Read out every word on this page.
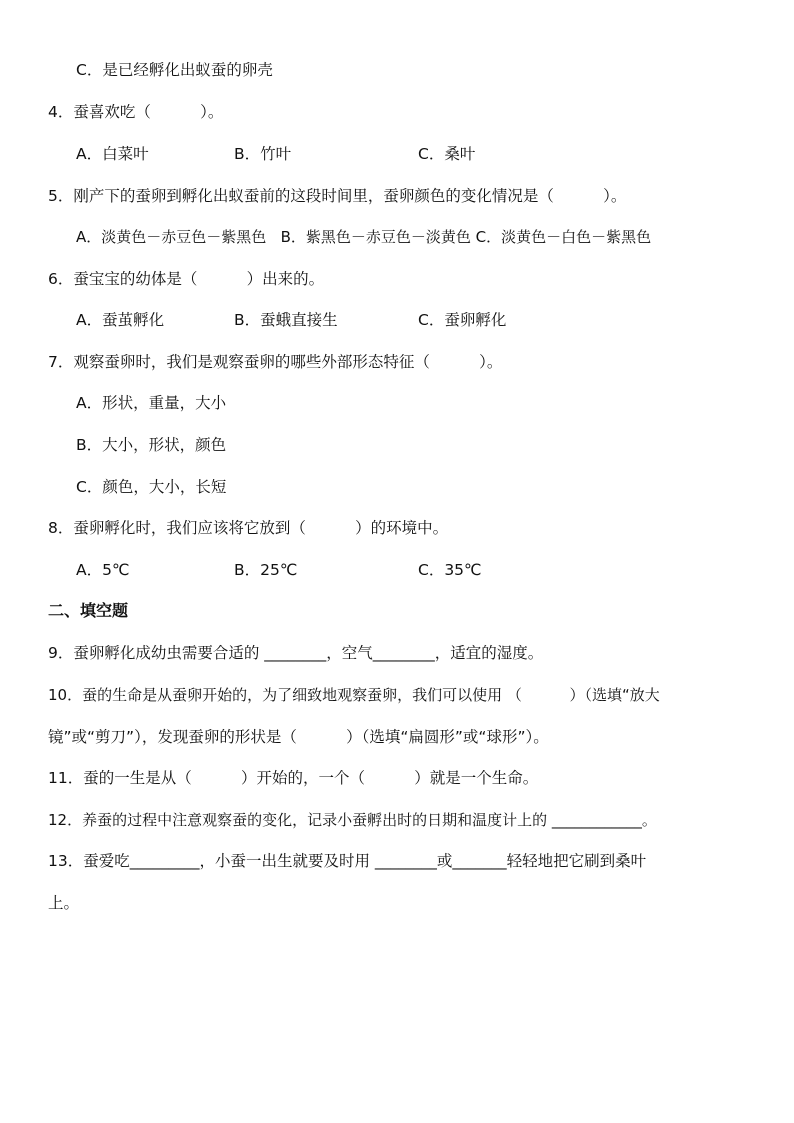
C．是已经孵化出蚁蚕的卵壳
4．蚕喜欢吃（          ）。
A．白菜叶	B．竹叶	C．桑叶
5．刚产下的蚕卵到孵化出蚁蚕前的这段时间里，蚕卵颜色的变化情况是（          ）。
A．淡黄色－赤豆色－紫黑色   B．紫黑色－赤豆色－淡黄色 C．淡黄色－白色－紫黑色
6．蚕宝宝的幼体是（          ）出来的。
A．蚕茧孵化	B．蚕蛾直接生	C．蚕卵孵化
7．观察蚕卵时，我们是观察蚕卵的哪些外部形态特征（          ）。
A．形状，重量，大小
B．大小，形状，颜色
C．颜色，大小，长短
8．蚕卵孵化时，我们应该将它放到（          ）的环境中。
A．5℃	B．25℃	C．35℃
二、填空题
9．蚕卵孵化成幼虫需要合适的 ________，空气________，适宜的湿度。
10．蚕的生命是从蚕卵开始的，为了细致地观察蚕卵，我们可以使用 （          ）（选填“放大
镜”或“剪刀”），发现蚕卵的形状是（          ）（选填“扁圆形”或“球形”）。
11．蚕的一生是从（          ）开始的，一个（          ）就是一个生命。
12．养蚕的过程中注意观察蚕的变化，记录小蚕孵出时的日期和温度计上的 ____________。
13．蚕爱吃_________，小蚕一出生就要及时用 ________或_______轻轻地把它刷到桑叶
上。
